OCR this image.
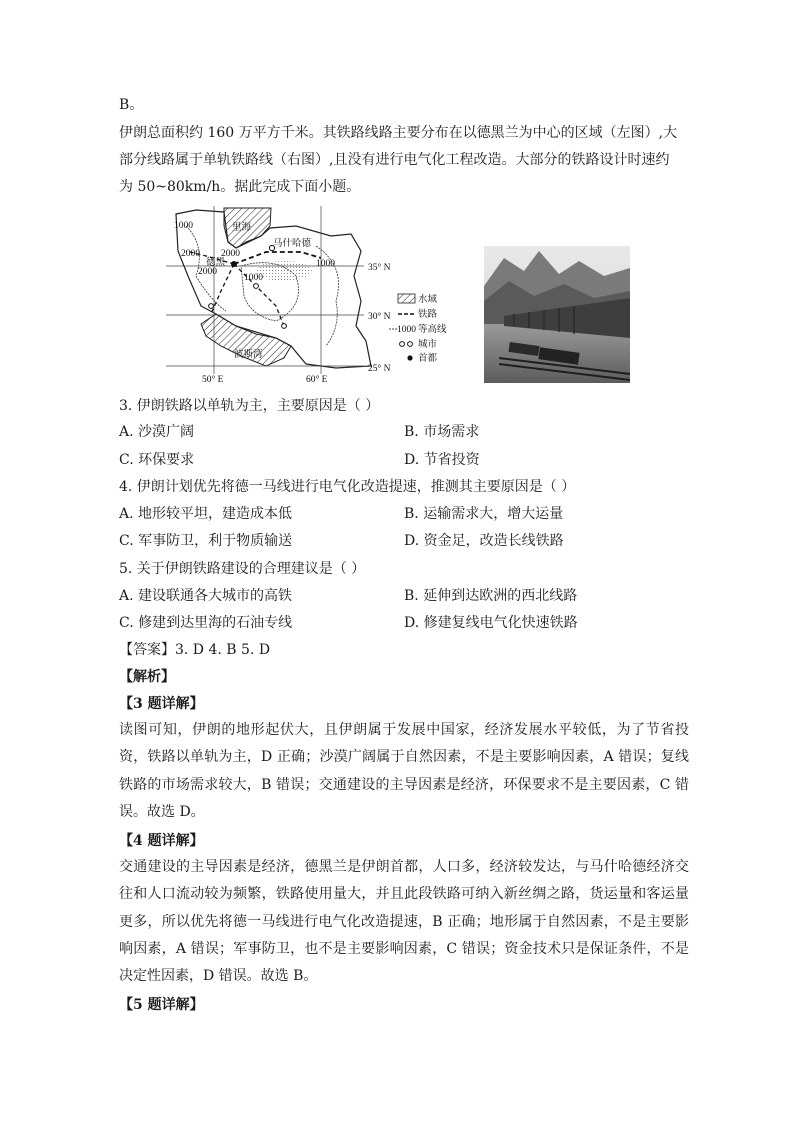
B。
伊朗总面积约 160 万平方千米。其铁路线路主要分布在以德黑兰为中心的区域（左图）,大
部分线路属于单轨铁路线（右图）,且没有进行电气化工程改造。大部分的铁路设计时速约
为 50~80km/h。据此完成下面小题。
里海
马什哈德
德黑
波斯湾
1000
1000
1000
2000 2000
2000	35° N
30° N
25° N
50° E	60° E
水域
铁路
1000 等高线
城市
首都
3. 伊朗铁路以单轨为主，主要原因是（ ）
A. 沙漠广阔	B. 市场需求
C. 环保要求	D. 节省投资
4. 伊朗计划优先将德一马线进行电气化改造提速，推测其主要原因是（ ）
A. 地形较平坦，建造成本低	B. 运输需求大，增大运量
C. 军事防卫，利于物质输送	D. 资金足，改造长线铁路
5. 关于伊朗铁路建设的合理建议是（ ）
A. 建设联通各大城市的高铁	B. 延伸到达欧洲的西北线路
C. 修建到达里海的石油专线	D. 修建复线电气化快速铁路
【答案】3. D 4. B 5. D
【解析】
【3 题详解】
读图可知，伊朗的地形起伏大，且伊朗属于发展中国家，经济发展水平较低，为了节省投资，铁路以单轨为主，D 正确；沙漠广阔属于自然因素，不是主要影响因素，A 错误；复线铁路的市场需求较大，B 错误；交通建设的主导因素是经济，环保要求不是主要因素，C 错误。故选 D。
【4 题详解】
交通建设的主导因素是经济，德黑兰是伊朗首都，人口多，经济较发达，与马什哈德经济交往和人口流动较为频繁，铁路使用量大，并且此段铁路可纳入新丝绸之路，货运量和客运量更多，所以优先将德一马线进行电气化改造提速，B 正确；地形属于自然因素，不是主要影响因素，A 错误；军事防卫，也不是主要影响因素，C 错误；资金技术只是保证条件，不是决定性因素，D 错误。故选 B。
【5 题详解】
